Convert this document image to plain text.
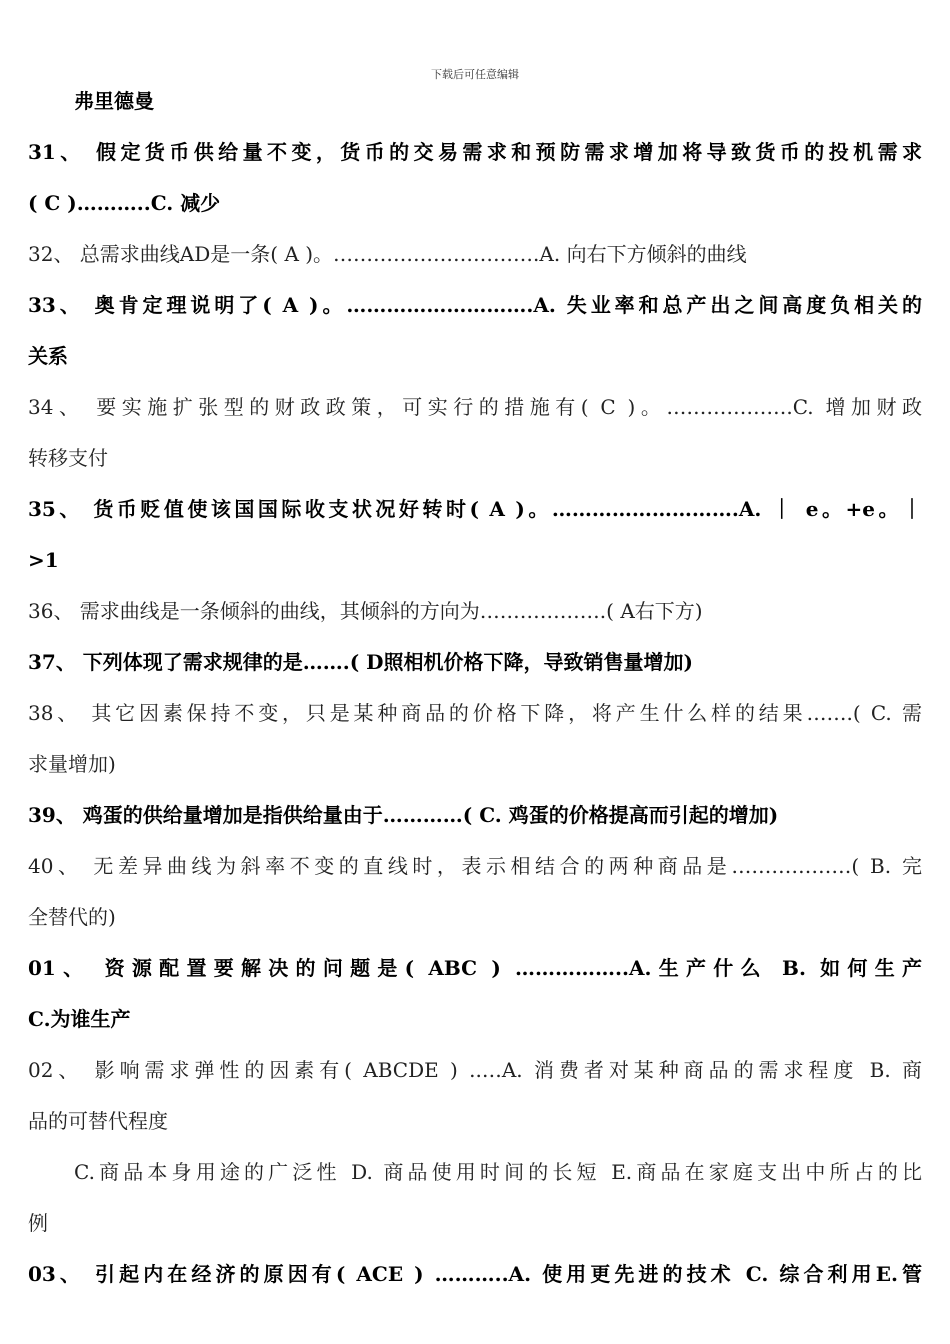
下载后可任意编辑
弗里德曼
31、 假定货币供给量不变，货币的交易需求和预防需求增加将导致货币的投机需求
( C )………..C. 减少
32、 总需求曲线AD是一条( A )。………………………….A. 向右下方倾斜的曲线
33、 奥肯定理说明了( A )。……………………….A. 失业率和总产出之间高度负相关的
关系
34、 要实施扩张型的财政政策，可实行的措施有( C )。……………….C. 增加财政
转移支付
35、 货币贬值使该国国际收支状况好转时( A )。……………………….A. ｜ e。+e。｜
>1
36、 需求曲线是一条倾斜的曲线，其倾斜的方向为……………….( A右下方)
37、 下列体现了需求规律的是…….( D照相机价格下降，导致销售量增加)
38、 其它因素保持不变，只是某种商品的价格下降，将产生什么样的结果…….( C. 需
求量增加)
39、 鸡蛋的供给量增加是指供给量由于…………( C. 鸡蛋的价格提高而引起的增加)
40、 无差异曲线为斜率不变的直线时，表示相结合的两种商品是………………( B. 完
全替代的)
01、 资源配置要解决的问题是( ABC ) ……………..A.生产什么 B. 如何生产
C.为谁生产
02、 影响需求弹性的因素有( ABCDE ) ..…A. 消费者对某种商品的需求程度 B. 商
品的可替代程度
C.商品本身用途的广泛性 D. 商品使用时间的长短 E.商品在家庭支出中所占的比
例
03、 引起内在经济的原因有( ACE ) ………..A. 使用更先进的技术 C. 综合利用E.管
